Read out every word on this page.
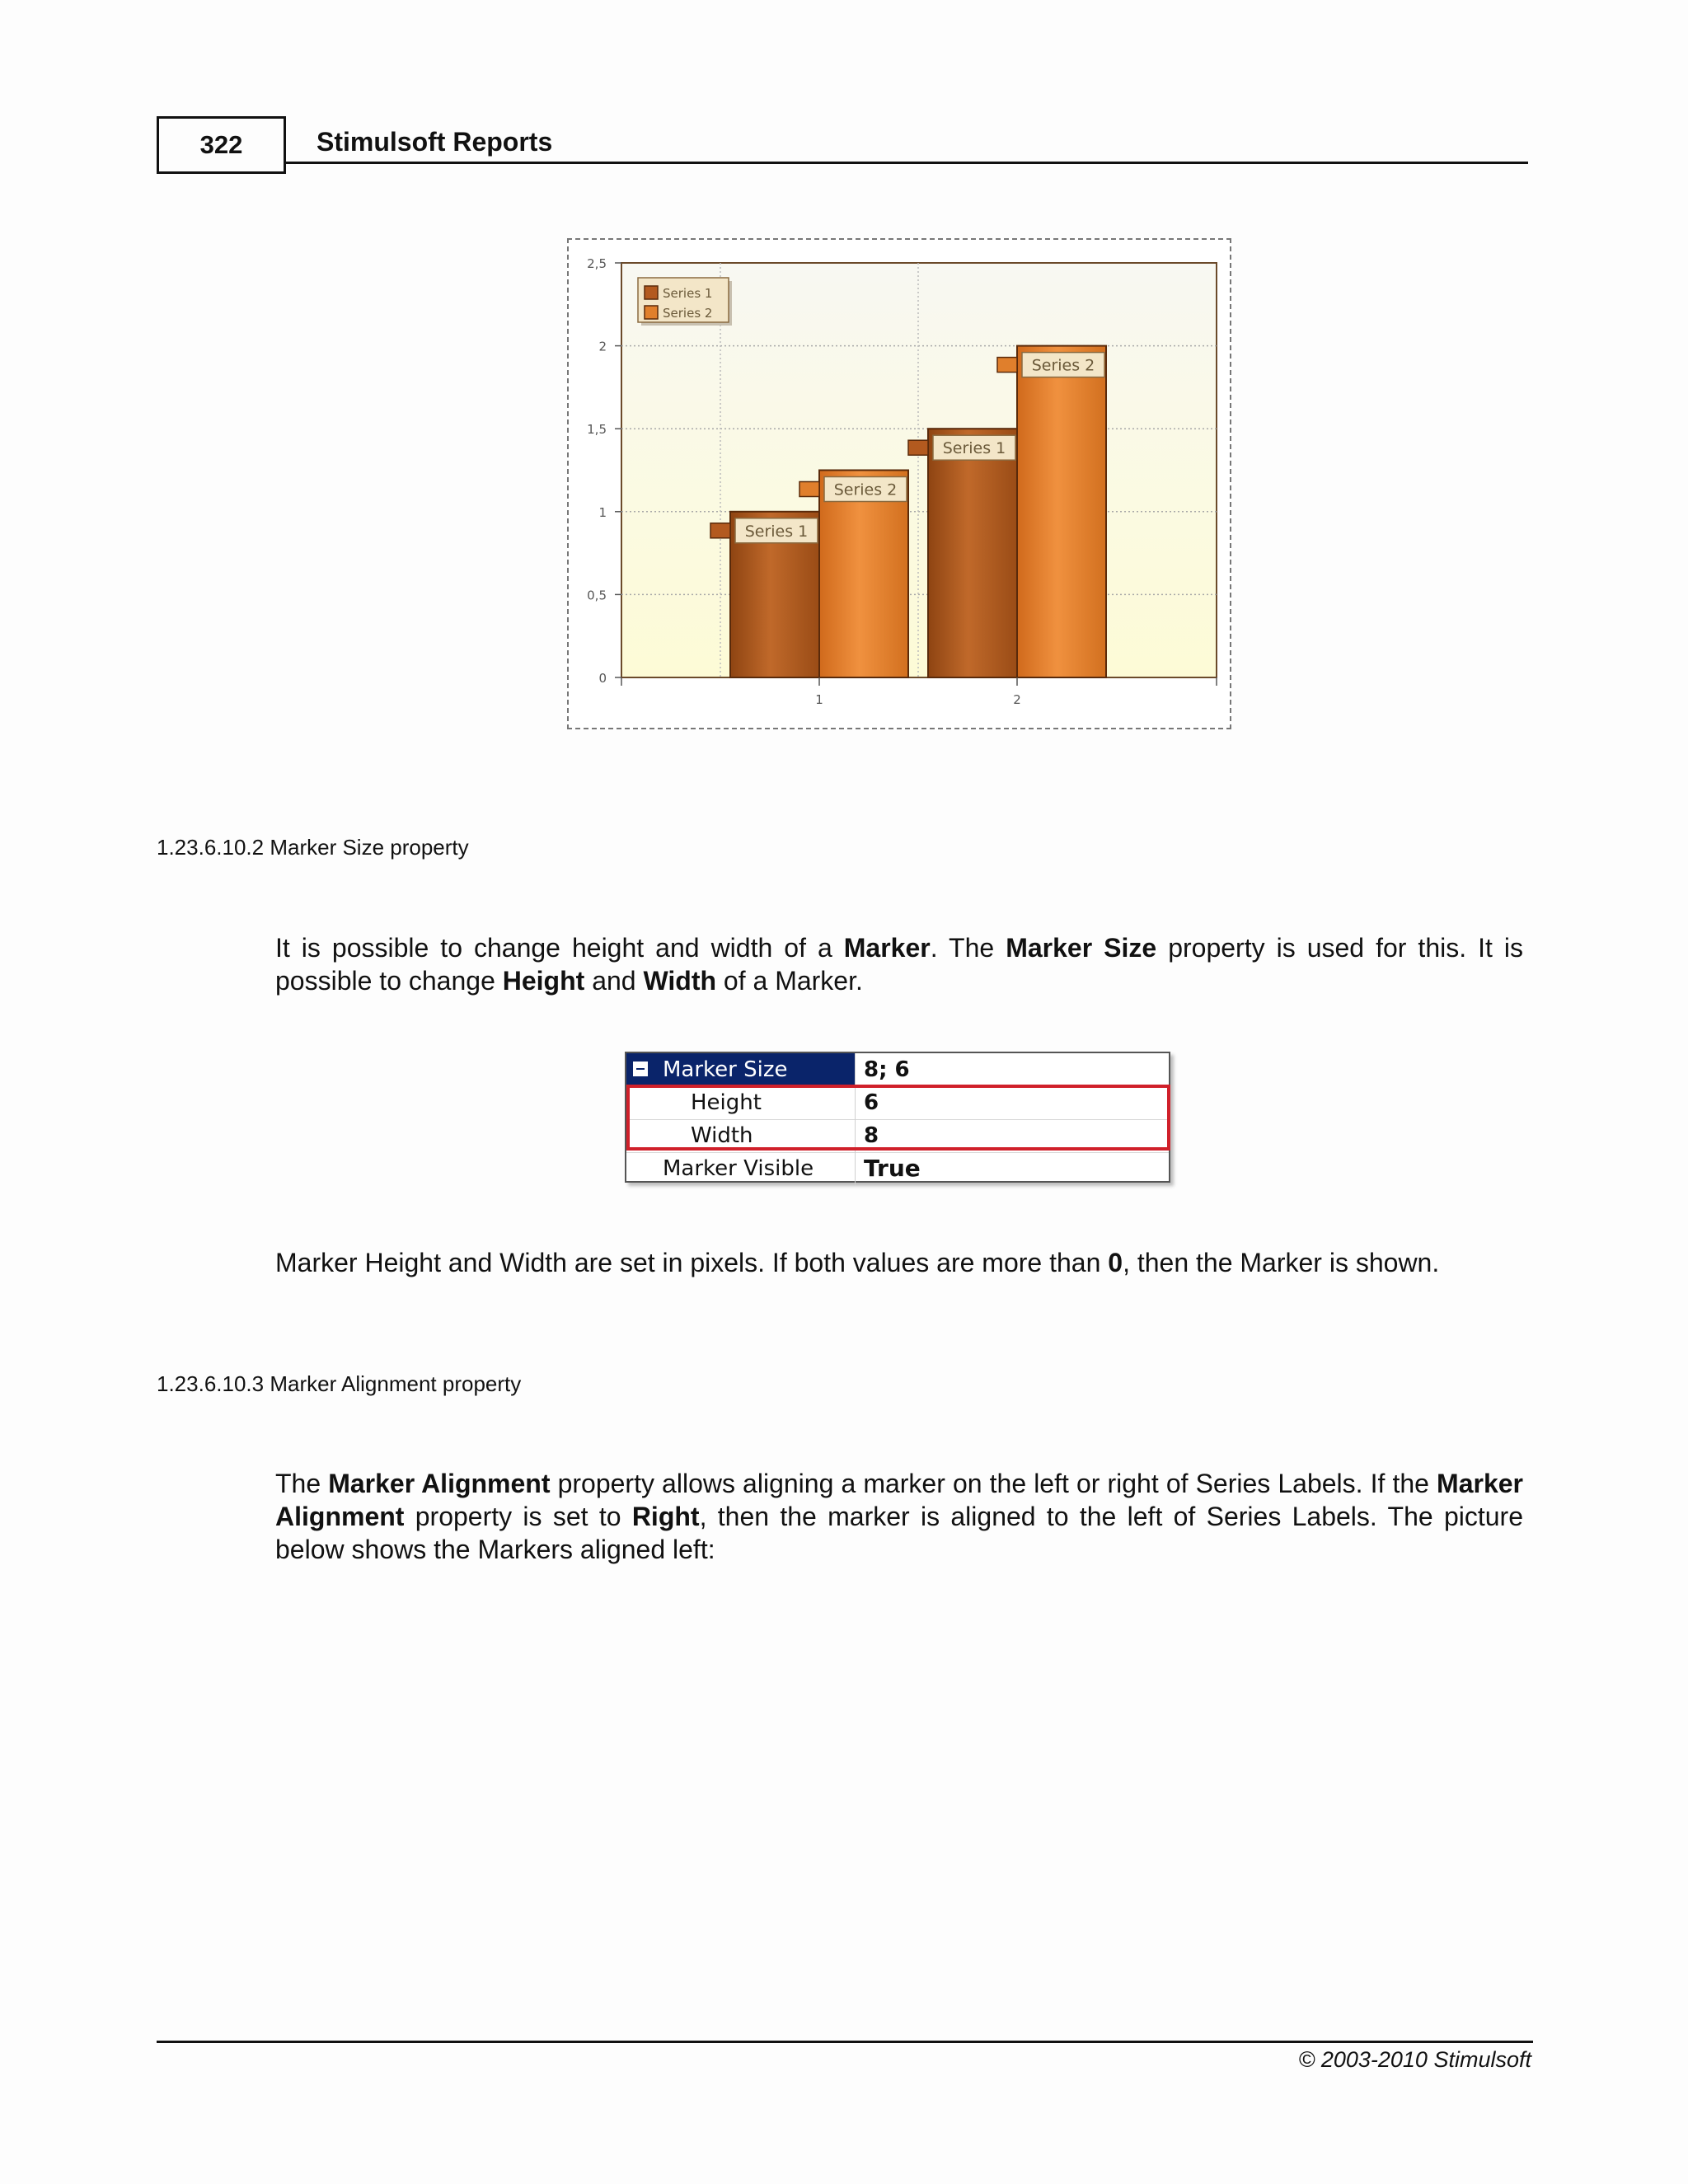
322	Stimulsoft Reports
0
0,5
1
1,5
2
2,5
Series 1
Series 2
1
Series 1
Series 2
2
Series 1
Series 2
1.23.6.10.2 Marker Size property
It is possible to change height and width of a Marker. The Marker Size property is used for this. It is possible to change Height and Width of a Marker.
Marker Size	8; 6
Height	6
Width	8
Marker Visible	True
Marker Height and Width are set in pixels. If both values are more than 0, then the Marker is shown.
1.23.6.10.3 Marker Alignment property
The Marker Alignment property allows aligning a marker on the left or right of Series Labels. If the Marker Alignment property is set to Right, then the marker is aligned to the left of Series Labels. The picture below shows the Markers aligned left:
© 2003-2010 Stimulsoft
